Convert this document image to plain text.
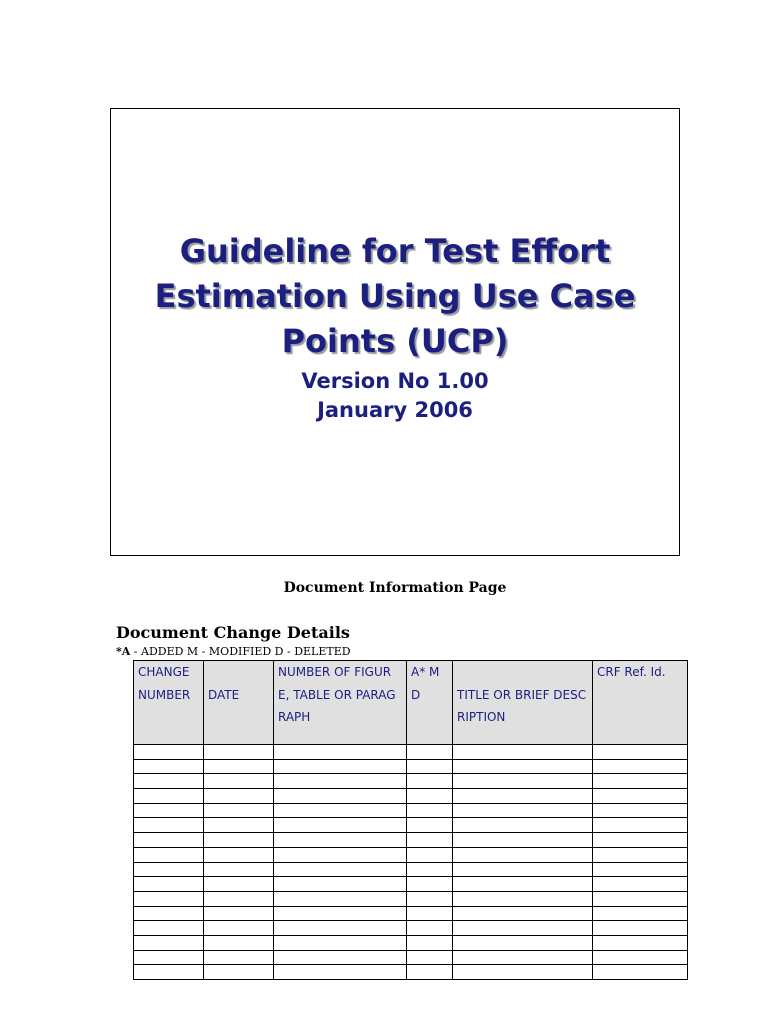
Guideline for Test Effort
Estimation Using Use Case
Points (UCP)
Version No 1.00
January 2006
Document Information Page
Document Change Details
*A - ADDED M - MODIFIED D - DELETED
CHANGE NUMBER	DATE	NUMBER OF FIGURE, TABLE OR PARAGRAPH	A* M D	TITLE OR BRIEF DESCRIPTION	CRF Ref. Id.
